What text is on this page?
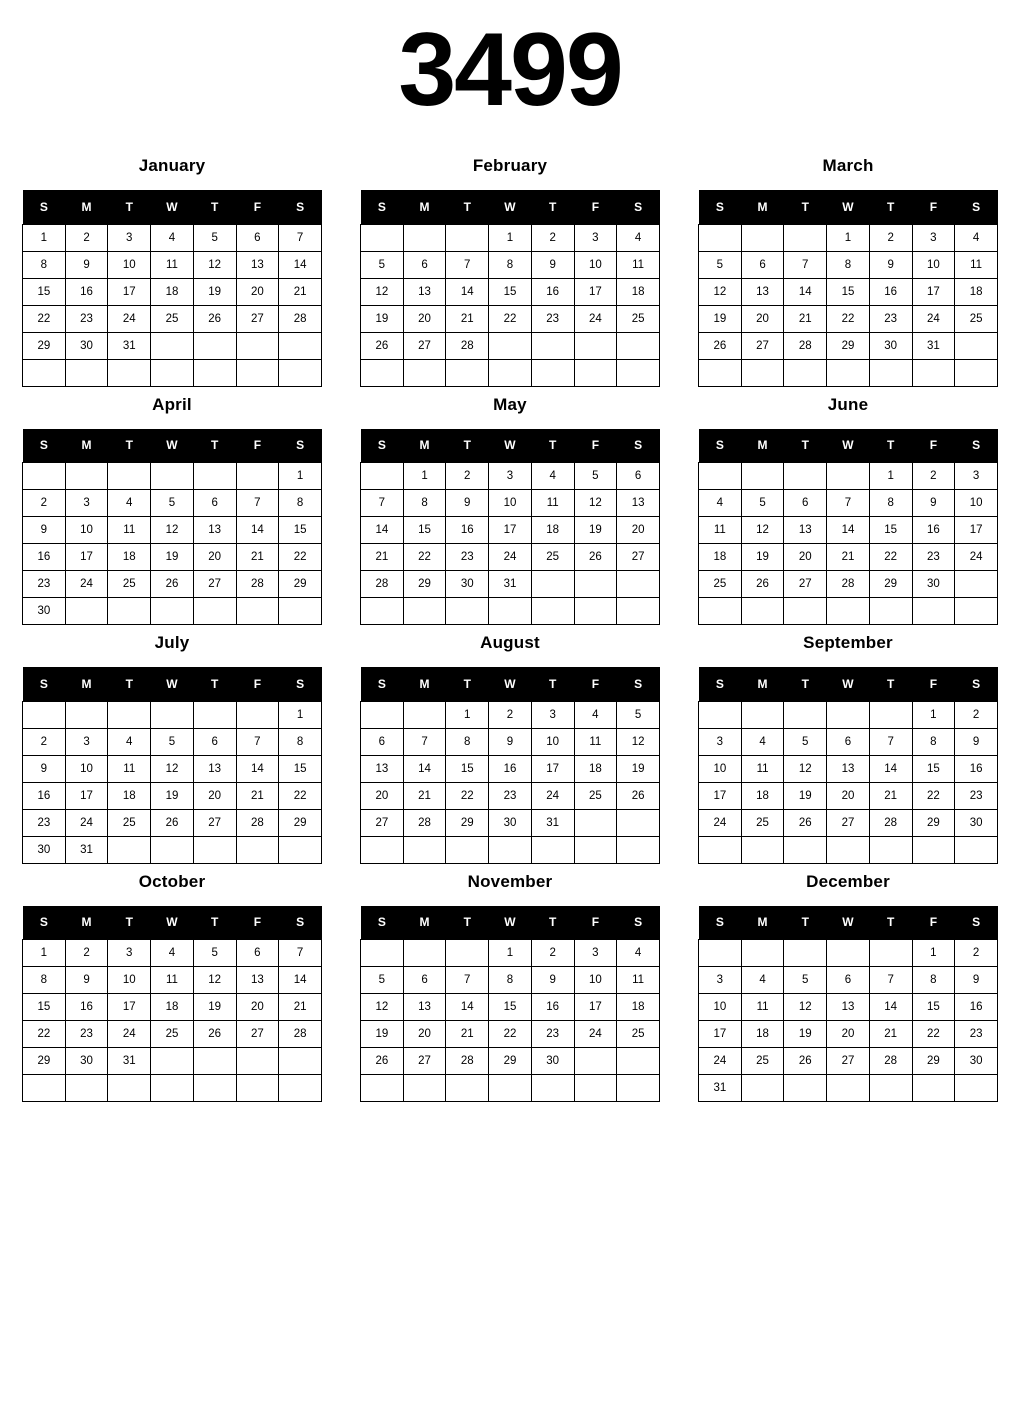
3499
January
S	M	T	W	T	F	S
1	2	3	4	5	6	7
8	9	10	11	12	13	14
15	16	17	18	19	20	21
22	23	24	25	26	27	28
29	30	31				

February
S	M	T	W	T	F	S
			1	2	3	4
5	6	7	8	9	10	11
12	13	14	15	16	17	18
19	20	21	22	23	24	25
26	27	28				

March
S	M	T	W	T	F	S
			1	2	3	4
5	6	7	8	9	10	11
12	13	14	15	16	17	18
19	20	21	22	23	24	25
26	27	28	29	30	31	

April
S	M	T	W	T	F	S
						1
2	3	4	5	6	7	8
9	10	11	12	13	14	15
16	17	18	19	20	21	22
23	24	25	26	27	28	29
30						
May
S	M	T	W	T	F	S
	1	2	3	4	5	6
7	8	9	10	11	12	13
14	15	16	17	18	19	20
21	22	23	24	25	26	27
28	29	30	31			

June
S	M	T	W	T	F	S
				1	2	3
4	5	6	7	8	9	10
11	12	13	14	15	16	17
18	19	20	21	22	23	24
25	26	27	28	29	30	

July
S	M	T	W	T	F	S
						1
2	3	4	5	6	7	8
9	10	11	12	13	14	15
16	17	18	19	20	21	22
23	24	25	26	27	28	29
30	31					
August
S	M	T	W	T	F	S
		1	2	3	4	5
6	7	8	9	10	11	12
13	14	15	16	17	18	19
20	21	22	23	24	25	26
27	28	29	30	31		

September
S	M	T	W	T	F	S
					1	2
3	4	5	6	7	8	9
10	11	12	13	14	15	16
17	18	19	20	21	22	23
24	25	26	27	28	29	30

October
S	M	T	W	T	F	S
1	2	3	4	5	6	7
8	9	10	11	12	13	14
15	16	17	18	19	20	21
22	23	24	25	26	27	28
29	30	31				

November
S	M	T	W	T	F	S
			1	2	3	4
5	6	7	8	9	10	11
12	13	14	15	16	17	18
19	20	21	22	23	24	25
26	27	28	29	30		

December
S	M	T	W	T	F	S
					1	2
3	4	5	6	7	8	9
10	11	12	13	14	15	16
17	18	19	20	21	22	23
24	25	26	27	28	29	30
31						
